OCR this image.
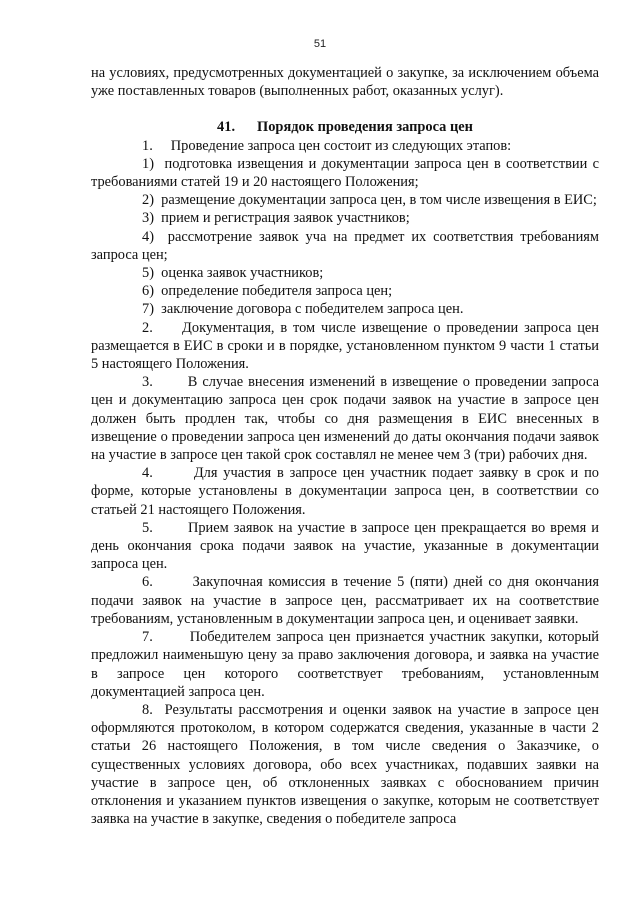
51

на условиях, предусмотренных документацией о закупке, за исключением объема уже поставленных товаров (выполненных работ, оказанных услуг).

41. Порядок проведения запроса цен

1.     Проведение запроса цен состоит из следующих этапов:

1)  подготовка извещения и документации запроса цен в соответствии с требованиями статей 19 и 20 настоящего Положения;

2)  размещение документации запроса цен, в том числе извещения в ЕИС;

3)  прием и регистрация заявок участников;

4)  рассмотрение заявок уча на предмет их соответствия требованиям запроса цен;

5)  оценка заявок участников;

6)  определение победителя запроса цен;

7)  заключение договора с победителем запроса цен.

2.     Документация, в том числе извещение о проведении запроса цен размещается в ЕИС в сроки и в порядке, установленном пунктом 9 части 1 статьи 5 настоящего Положения.

3.       В случае внесения изменений в извещение о проведении запроса цен и документацию запроса цен срок подачи заявок на участие в запросе цен должен быть продлен так, чтобы со дня размещения в ЕИС внесенных в извещение о проведении запроса цен изменений до даты окончания подачи заявок на участие в запросе цен такой срок составлял не менее чем 3 (три) рабочих дня.

4.       Для участия в запросе цен участник подает заявку в срок и по форме, которые установлены в документации запроса цен, в соответствии со статьей 21 настоящего Положения.

5.       Прием заявок на участие в запросе цен прекращается во время и день окончания срока подачи заявок на участие, указанные в документации запроса цен.

6.       Закупочная комиссия в течение 5 (пяти) дней со дня окончания подачи заявок на участие в запросе цен, рассматривает их на соответствие требованиям, установленным в документации запроса цен, и оценивает заявки.

7.       Победителем запроса цен признается участник закупки, который предложил наименьшую цену за право заключения договора, и заявка на участие в запросе цен которого соответствует требованиям, установленным документацией запроса цен.

8.  Результаты рассмотрения и оценки заявок на участие в запросе цен оформляются протоколом, в котором содержатся сведения, указанные в части 2 статьи 26 настоящего Положения, в том числе сведения о Заказчике, о существенных условиях договора, обо всех участниках, подавших заявки на участие в запросе цен, об отклоненных заявках с обоснованием причин отклонения и указанием пунктов извещения о закупке, которым не соответствует заявка на участие в закупке, сведения о победителе запроса
